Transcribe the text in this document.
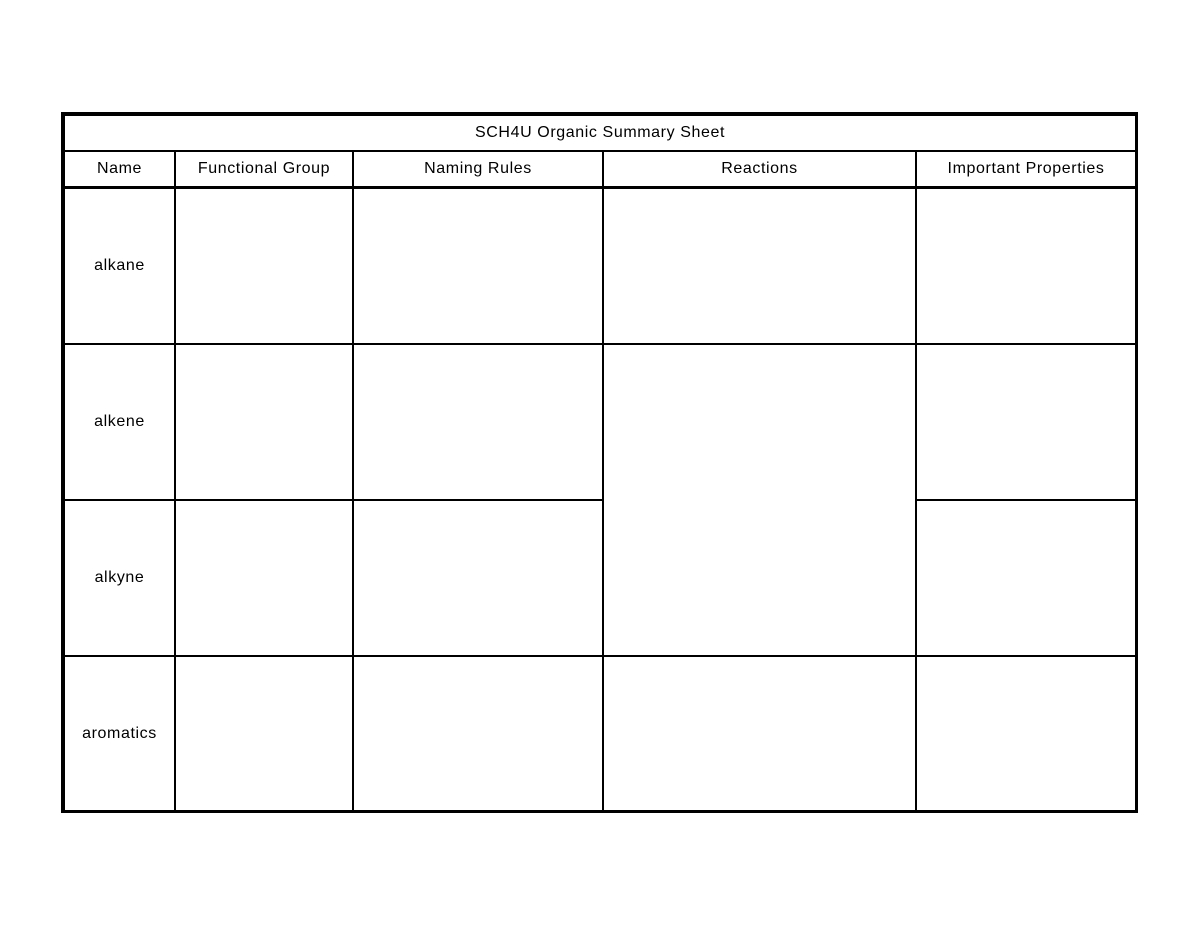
SCH4U Organic Summary Sheet				
Name	Functional Group	Naming Rules	Reactions	Important Properties
alkane				
alkene				
alkyne				
aromatics				
